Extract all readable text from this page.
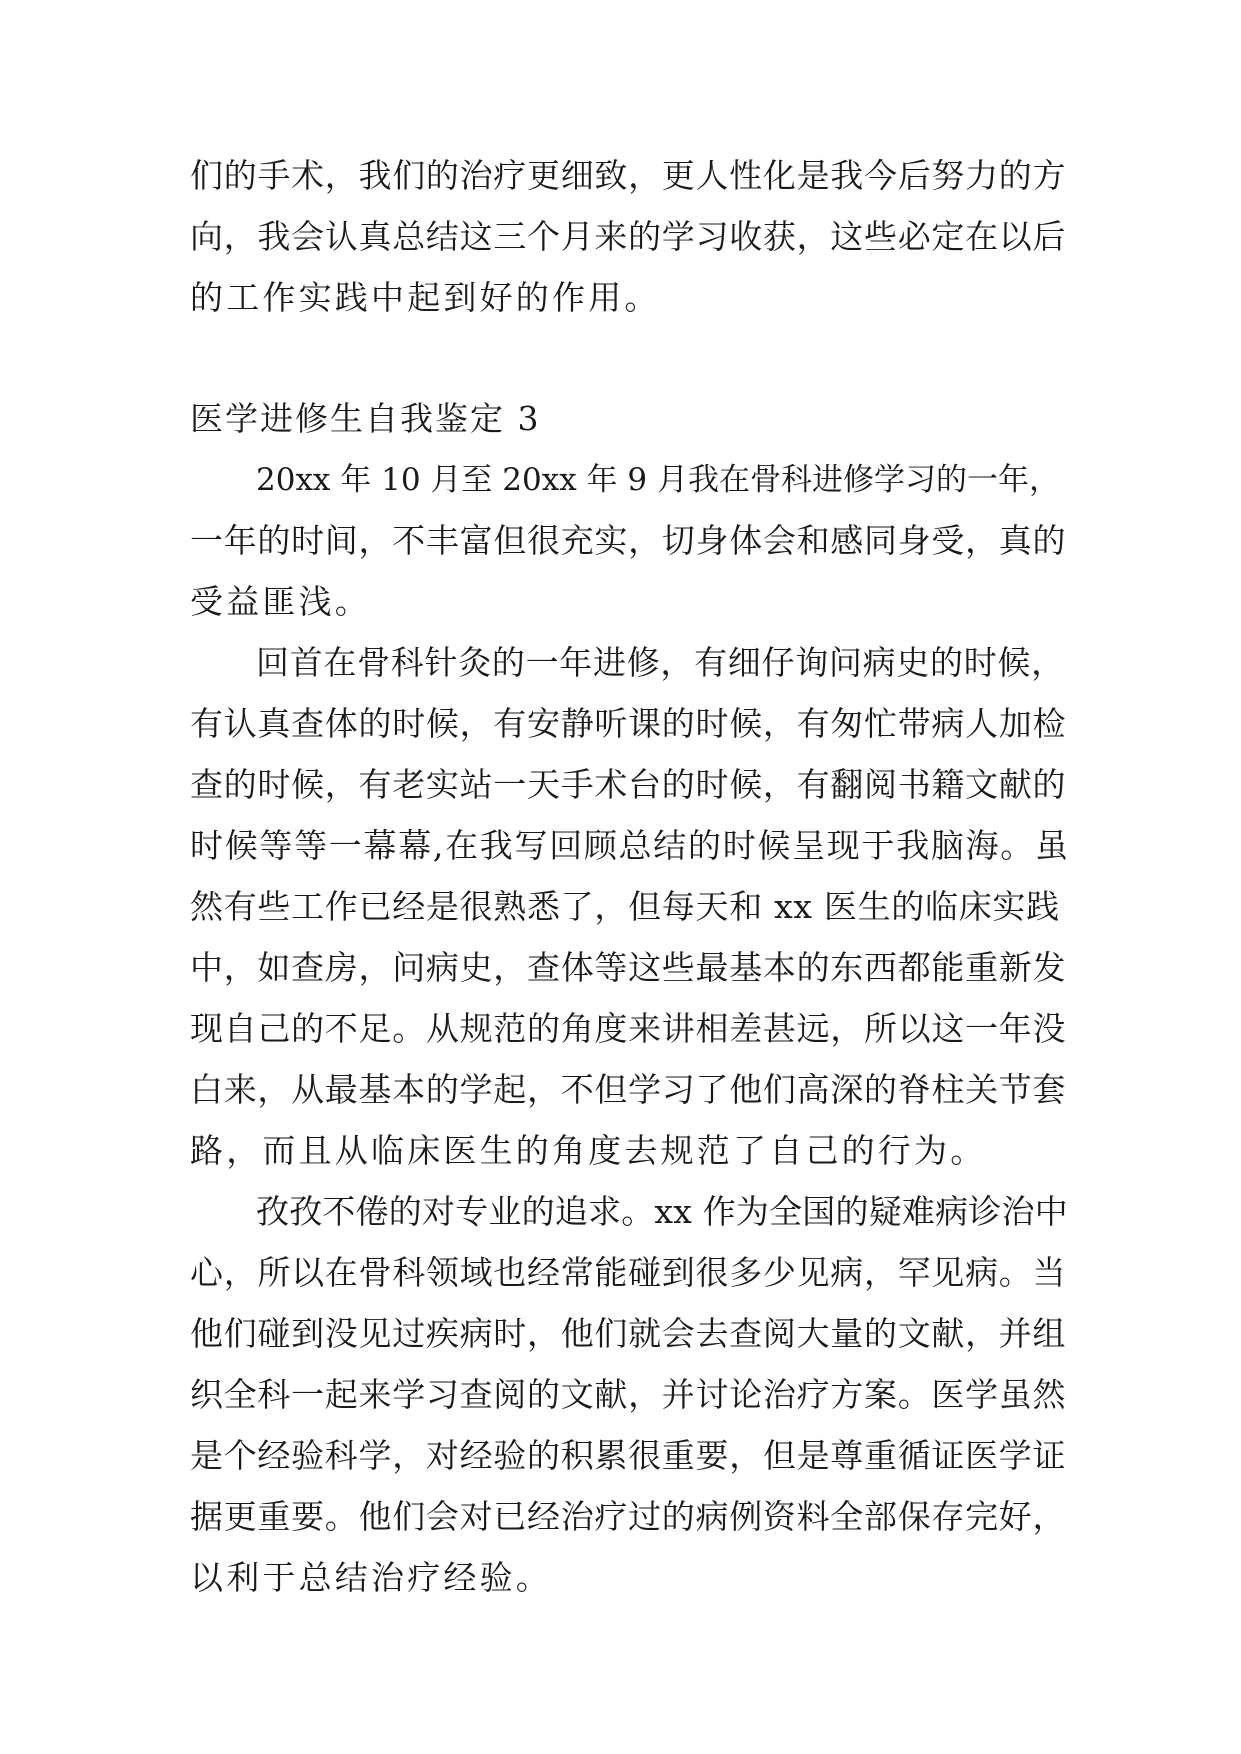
们的手术，我们的治疗更细致，更人性化是我今后努力的方
向，我会认真总结这三个月来的学习收获，这些必定在以后
的工作实践中起到好的作用。
医学进修生自我鉴定 3
20xx 年 10 月至 20xx 年 9 月我在骨科进修学习的一年，
一年的时间，不丰富但很充实，切身体会和感同身受，真的
受益匪浅。
回首在骨科针灸的一年进修，有细仔询问病史的时候，
有认真查体的时候，有安静听课的时候，有匆忙带病人加检
查的时候，有老实站一天手术台的时候，有翻阅书籍文献的
时候等等一幕幕,在我写回顾总结的时候呈现于我脑海。虽
然有些工作已经是很熟悉了，但每天和 xx 医生的临床实践
中，如查房，问病史，查体等这些最基本的东西都能重新发
现自己的不足。从规范的角度来讲相差甚远，所以这一年没
白来，从最基本的学起，不但学习了他们高深的脊柱关节套
路，而且从临床医生的角度去规范了自己的行为。
孜孜不倦的对专业的追求。xx 作为全国的疑难病诊治中
心，所以在骨科领域也经常能碰到很多少见病，罕见病。当
他们碰到没见过疾病时，他们就会去查阅大量的文献，并组
织全科一起来学习查阅的文献，并讨论治疗方案。医学虽然
是个经验科学，对经验的积累很重要，但是尊重循证医学证
据更重要。他们会对已经治疗过的病例资料全部保存完好，
以利于总结治疗经验。
